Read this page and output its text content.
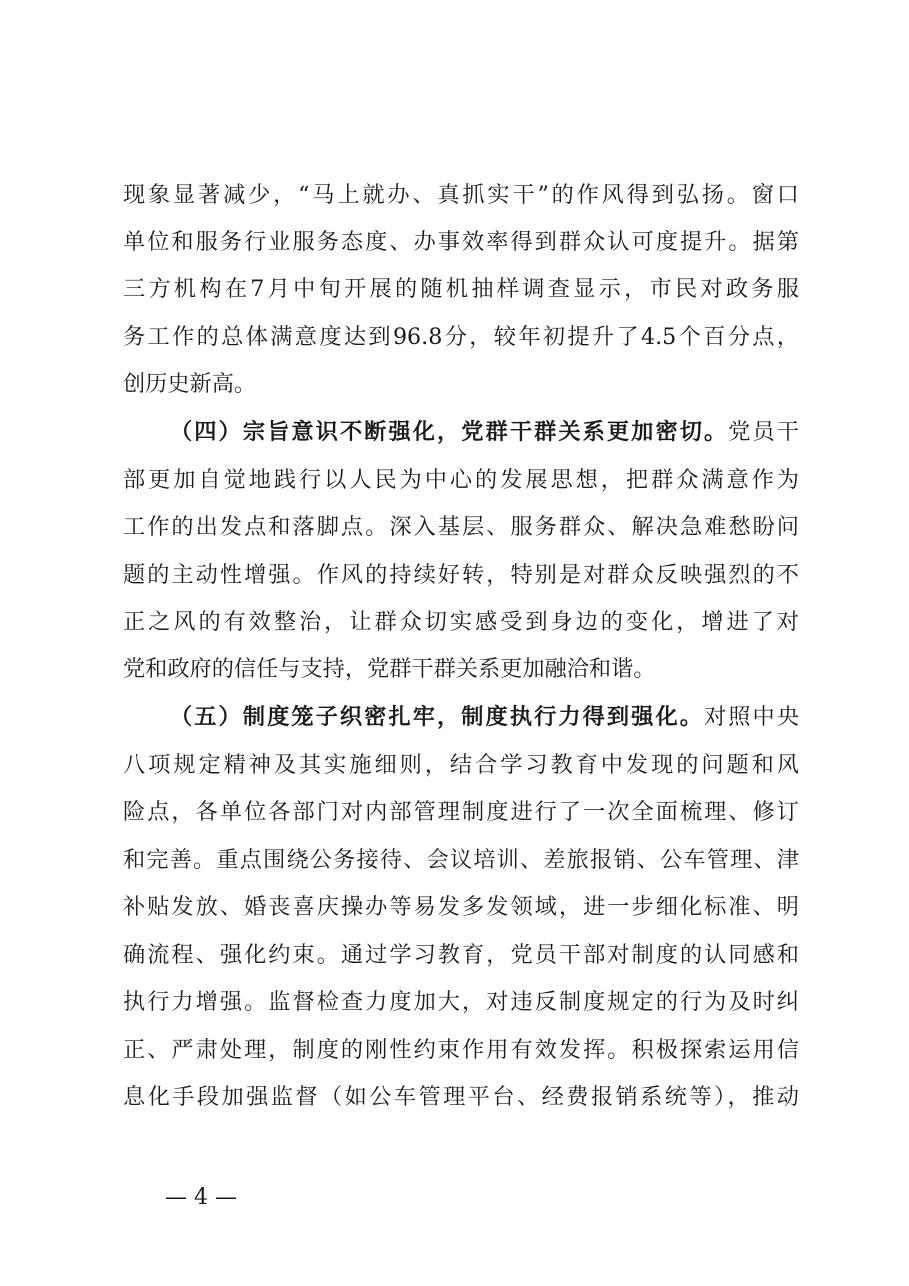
现象显著减少，“马上就办、真抓实干”的作风得到弘扬。窗口
单位和服务行业服务态度、办事效率得到群众认可度提升。据第
三方机构在7月中旬开展的随机抽样调查显示，市民对政务服
务工作的总体满意度达到96.8分，较年初提升了4.5个百分点，
创历史新高。
（四）宗旨意识不断强化，党群干群关系更加密切。党员干
部更加自觉地践行以人民为中心的发展思想，把群众满意作为
工作的出发点和落脚点。深入基层、服务群众、解决急难愁盼问
题的主动性增强。作风的持续好转，特别是对群众反映强烈的不
正之风的有效整治，让群众切实感受到身边的变化，增进了对
党和政府的信任与支持，党群干群关系更加融洽和谐。
（五）制度笼子织密扎牢，制度执行力得到强化。对照中央
八项规定精神及其实施细则，结合学习教育中发现的问题和风
险点，各单位各部门对内部管理制度进行了一次全面梳理、修订
和完善。重点围绕公务接待、会议培训、差旅报销、公车管理、津
补贴发放、婚丧喜庆操办等易发多发领域，进一步细化标准、明
确流程、强化约束。通过学习教育，党员干部对制度的认同感和
执行力增强。监督检查力度加大，对违反制度规定的行为及时纠
正、严肃处理，制度的刚性约束作用有效发挥。积极探索运用信
息化手段加强监督（如公车管理平台、经费报销系统等），推动
— 4 —
